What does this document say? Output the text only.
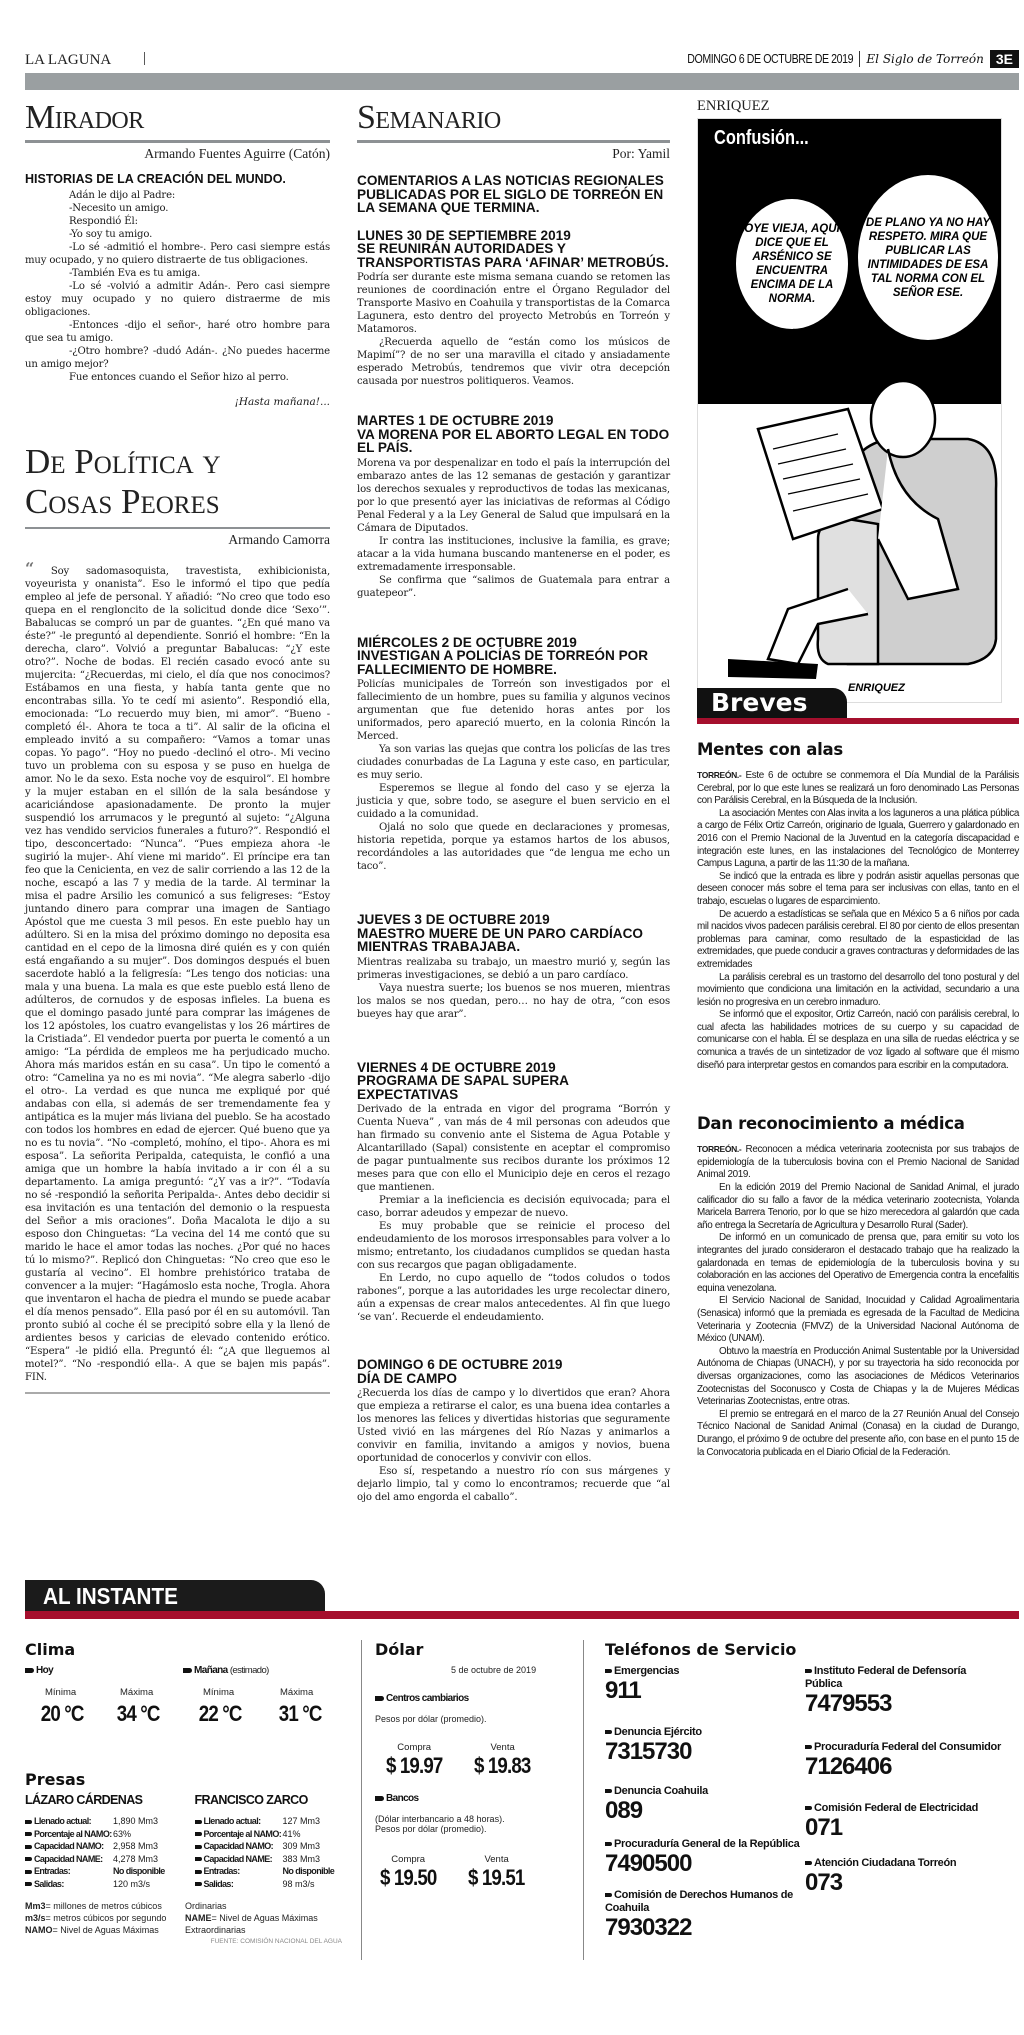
LA LAGUNA |	DOMINGO 6 DE OCTUBRE DE 2019 El Siglo de Torreón 3E
Mirador
Armando Fuentes Aguirre (Catón)
HISTORIAS DE LA CREACIÓN DEL MUNDO.

Adán le dijo al Padre:

-Necesito un amigo.

Respondió Él:

-Yo soy tu amigo.

-Lo sé -admitió el hombre-. Pero casi siempre estás muy ocupado, y no quiero distraerte de tus obligaciones.

-También Eva es tu amiga.

-Lo sé -volvió a admitir Adán-. Pero casi siempre estoy muy ocupado y no quiero distraerme de mis obligaciones.

-Entonces -dijo el señor-, haré otro hombre para que sea tu amigo.

-¿Otro hombre? -dudó Adán-. ¿No puedes hacerme un amigo mejor?

Fue entonces cuando el Señor hizo al perro.

¡Hasta mañana!...
De Política y
Cosas Peores
Armando Camorra

“ Soy sadomasoquista, travestista, exhibicionista, voyeurista y onanista”. Eso le informó el tipo que pedía empleo al jefe de personal. Y añadió: “No creo que todo eso quepa en el rengloncito de la solicitud donde dice ‘Sexo’”. Babalucas se compró un par de guantes. “¿En qué mano va éste?” -le preguntó al dependiente. Sonrió el hombre: “En la derecha, claro”. Volvió a preguntar Babalucas: “¿Y este otro?”. Noche de bodas. El recién casado evocó ante su mujercita: “¿Recuerdas, mi cielo, el día que nos conocimos? Estábamos en una fiesta, y había tanta gente que no encontrabas silla. Yo te cedí mi asiento”. Respondió ella, emocionada: “Lo recuerdo muy bien, mi amor”. “Bueno -completó él-. Ahora te toca a ti”. Al salir de la oficina el empleado invitó a su compañero: “Vamos a tomar unas copas. Yo pago”. “Hoy no puedo -declinó el otro-. Mi vecino tuvo un problema con su esposa y se puso en huelga de amor. No le da sexo. Esta noche voy de esquirol”. El hombre y la mujer estaban en el sillón de la sala besándose y acariciándose apasionadamente. De pronto la mujer suspendió los arrumacos y le preguntó al sujeto: “¿Alguna vez has vendido servicios funerales a futuro?”. Respondió el tipo, desconcertado: “Nunca”. “Pues empieza ahora -le sugirió la mujer-. Ahí viene mi marido”. El príncipe era tan feo que la Cenicienta, en vez de salir corriendo a las 12 de la noche, escapó a las 7 y media de la tarde. Al terminar la misa el padre Arsilio les comunicó a sus feligreses: “Estoy juntando dinero para comprar una imagen de Santiago Apóstol que me cuesta 3 mil pesos. En este pueblo hay un adúltero. Si en la misa del próximo domingo no deposita esa cantidad en el cepo de la limosna diré quién es y con quién está engañando a su mujer”. Dos domingos después el buen sacerdote habló a la feligresía: “Les tengo dos noticias: una mala y una buena. La mala es que este pueblo está lleno de adúlteros, de cornudos y de esposas infieles. La buena es que el domingo pasado junté para comprar las imágenes de los 12 apóstoles, los cuatro evangelistas y los 26 mártires de la Cristiada”. El vendedor puerta por puerta le comentó a un amigo: “La pérdida de empleos me ha perjudicado mucho. Ahora más maridos están en su casa”. Un tipo le comentó a otro: “Camelina ya no es mi novia”. “Me alegra saberlo -dijo el otro-. La verdad es que nunca me expliqué por qué andabas con ella, si además de ser tremendamente fea y antipática es la mujer más liviana del pueblo. Se ha acostado con todos los hombres en edad de ejercer. Qué bueno que ya no es tu novia”. “No -completó, mohíno, el tipo-. Ahora es mi esposa”. La señorita Peripalda, catequista, le confió a una amiga que un hombre la había invitado a ir con él a su departamento. La amiga preguntó: “¿Y vas a ir?”. “Todavía no sé -respondió la señorita Peripalda-. Antes debo decidir si esa invitación es una tentación del demonio o la respuesta del Señor a mis oraciones”. Doña Macalota le dijo a su esposo don Chinguetas: “La vecina del 14 me contó que su marido le hace el amor todas las noches. ¿Por qué no haces tú lo mismo?”. Replicó don Chinguetas: “No creo que eso le gustaría al vecino”. El hombre prehistórico trataba de convencer a la mujer: “Hagámoslo esta noche, Trogla. Ahora que inventaron el hacha de piedra el mundo se puede acabar el día menos pensado”. Ella pasó por él en su automóvil. Tan pronto subió al coche él se precipitó sobre ella y la llenó de ardientes besos y caricias de elevado contenido erótico. “Espera” -le pidió ella. Preguntó él: “¿A que lleguemos al motel?”. “No -respondió ella-. A que se bajen mis papás”. FIN.

Semanario
Por: Yamil
COMENTARIOS A LAS NOTICIAS REGIONALES PUBLICADAS POR EL SIGLO DE TORREÓN EN LA SEMANA QUE TERMINA.
LUNES 30 DE SEPTIEMBRE 2019
SE REUNIRÁN AUTORIDADES Y TRANSPORTISTAS PARA ‘AFINAR’ METROBÚS.

Podría ser durante este misma semana cuando se retomen las reuniones de coordinación entre el Órgano Regulador del Transporte Masivo en Coahuila y transportistas de la Comarca Lagunera, esto dentro del proyecto Metrobús en Torreón y Matamoros.

¿Recuerda aquello de “están como los músicos de Mapimí”? de no ser una maravilla el citado y ansiadamente esperado Metrobús, tendremos que vivir otra decepción causada por nuestros politiqueros. Veamos.

MARTES 1 DE OCTUBRE 2019
VA MORENA POR EL ABORTO LEGAL EN TODO EL PAÍS.

Morena va por despenalizar en todo el país la interrupción del embarazo antes de las 12 semanas de gestación y garantizar los derechos sexuales y reproductivos de todas las mexicanas, por lo que presentó ayer las iniciativas de reformas al Código Penal Federal y a la Ley General de Salud que impulsará en la Cámara de Diputados.

Ir contra las instituciones, inclusive la familia, es grave; atacar a la vida humana buscando mantenerse en el poder, es extremadamente irresponsable.

Se confirma que “salimos de Guatemala para entrar a guatepeor”.

MIÉRCOLES 2 DE OCTUBRE 2019
INVESTIGAN A POLICÍAS DE TORREÓN POR FALLECIMIENTO DE HOMBRE.

Policías municipales de Torreón son investigados por el fallecimiento de un hombre, pues su familia y algunos vecinos argumentan que fue detenido horas antes por los uniformados, pero apareció muerto, en la colonia Rincón la Merced.

Ya son varias las quejas que contra los policías de las tres ciudades conurbadas de La Laguna y este caso, en particular, es muy serio.

Esperemos se llegue al fondo del caso y se ejerza la justicia y que, sobre todo, se asegure el buen servicio en el cuidado a la comunidad.

Ojalá no solo que quede en declaraciones y promesas, historia repetida, porque ya estamos hartos de los abusos, recordándoles a las autoridades que “de lengua me echo un taco”.

JUEVES 3 DE OCTUBRE 2019
MAESTRO MUERE DE UN PARO CARDÍACO MIENTRAS TRABAJABA.

Mientras realizaba su trabajo, un maestro murió y, según las primeras investigaciones, se debió a un paro cardíaco.

Vaya nuestra suerte; los buenos se nos mueren, mientras los malos se nos quedan, pero… no hay de otra, “con esos bueyes hay que arar”.

VIERNES 4 DE OCTUBRE 2019
PROGRAMA DE SAPAL SUPERA EXPECTATIVAS

Derivado de la entrada en vigor del programa “Borrón y Cuenta Nueva” , van más de 4 mil personas con adeudos que han firmado su convenio ante el Sistema de Agua Potable y Alcantarillado (Sapal) consistente en aceptar el compromiso de pagar puntualmente sus recibos durante los próximos 12 meses para que con ello el Municipio deje en ceros el rezago que mantienen.

Premiar a la ineficiencia es decisión equivocada; para el caso, borrar adeudos y empezar de nuevo.

Es muy probable que se reinicie el proceso del endeudamiento de los morosos irresponsables para volver a lo mismo; entretanto, los ciudadanos cumplidos se quedan hasta con sus recargos que pagan obligadamente.

En Lerdo, no cupo aquello de “todos coludos o todos rabones”, porque a las autoridades les urge recolectar dinero, aún a expensas de crear malos antecedentes. Al fin que luego ‘se van’. Recuerde el endeudamiento.

DOMINGO 6 DE OCTUBRE 2019
DÍA DE CAMPO

¿Recuerda los días de campo y lo divertidos que eran? Ahora que empieza a retirarse el calor, es una buena idea contarles a los menores las felices y divertidas historias que seguramente Usted vivió en las márgenes del Río Nazas y animarlos a convivir en familia, invitando a amigos y novios, buena oportunidad de conocerlos y convivir con ellos.

Eso sí, respetando a nuestro río con sus márgenes y dejarlo limpio, tal y como lo encontramos; recuerde que “al ojo del amo engorda el caballo”.

ENRIQUEZ
Confusión...
OYE VIEJA, AQUÍ DICE QUE EL ARSÉNICO SE ENCUENTRA ENCIMA DE LA NORMA.
DE PLANO YA NO HAY RESPETO. MIRA QUE PUBLICAR LAS INTIMIDADES DE ESA TAL NORMA CON EL SEÑOR ESE.
ENRIQUEZ
Breves
Mentes con alas

TORREÓN.- Este 6 de octubre se conmemora el Día Mundial de la Parálisis Cerebral, por lo que este lunes se realizará un foro denominado Las Personas con Parálisis Cerebral, en la Búsqueda de la Inclusión.

La asociación Mentes con Alas invita a los laguneros a una plática pública a cargo de Félix Ortiz Carreón, originario de Iguala, Guerrero y galardonado en 2016 con el Premio Nacional de la Juventud en la categoría discapacidad e integración este lunes, en las instalaciones del Tecnológico de Monterrey Campus Laguna, a partir de las 11:30 de la mañana.

Se indicó que la entrada es libre y podrán asistir aquellas personas que deseen conocer más sobre el tema para ser inclusivas con ellas, tanto en el trabajo, escuelas o lugares de esparcimiento.

De acuerdo a estadísticas se señala que en México 5 a 6 niños por cada mil nacidos vivos padecen parálisis cerebral. El 80 por ciento de ellos presentan problemas para caminar, como resultado de la espasticidad de las extremidades, que puede conducir a graves contracturas y deformidades de las extremidades

La parálisis cerebral es un trastorno del desarrollo del tono postural y del movimiento que condiciona una limitación en la actividad, secundario a una lesión no progresiva en un cerebro inmaduro.

Se informó que el expositor, Ortiz Carreón, nació con parálisis cerebral, lo cual afecta las habilidades motrices de su cuerpo y su capacidad de comunicarse con el habla. Él se desplaza en una silla de ruedas eléctrica y se comunica a través de un sintetizador de voz ligado al software que él mismo diseñó para interpretar gestos en comandos para escribir en la computadora.

Dan reconocimiento a médica

TORREÓN.- Reconocen a médica veterinaria zootecnista por sus trabajos de epidemiología de la tuberculosis bovina con el Premio Nacional de Sanidad Animal 2019.

En la edición 2019 del Premio Nacional de Sanidad Animal, el jurado calificador dio su fallo a favor de la médica veterinario zootecnista, Yolanda Maricela Barrera Tenorio, por lo que se hizo merecedora al galardón que cada año entrega la Secretaría de Agricultura y Desarrollo Rural (Sader).

De informó en un comunicado de prensa que, para emitir su voto los integrantes del jurado consideraron el destacado trabajo que ha realizado la galardonada en temas de epidemiología de la tuberculosis bovina y su colaboración en las acciones del Operativo de Emergencia contra la encefalitis equina venezolana.

El Servicio Nacional de Sanidad, Inocuidad y Calidad Agroalimentaria (Senasica) informó que la premiada es egresada de la Facultad de Medicina Veterinaria y Zootecnia (FMVZ) de la Universidad Nacional Autónoma de México (UNAM).

Obtuvo la maestría en Producción Animal Sustentable por la Universidad Autónoma de Chiapas (UNACH), y por su trayectoria ha sido reconocida por diversas organizaciones, como las asociaciones de Médicos Veterinarios Zootecnistas del Soconusco y Costa de Chiapas y la de Mujeres Médicas Veterinarias Zootecnistas, entre otras.

El premio se entregará en el marco de la 27 Reunión Anual del Consejo Técnico Nacional de Sanidad Animal (Conasa) en la ciudad de Durango, Durango, el próximo 9 de octubre del presente año, con base en el punto 15 de la Convocatoria publicada en el Diario Oficial de la Federación.

AL INSTANTE
Clima
Hoy	Mañana (estimado)
Mínima	Máxima	Mínima	Máxima
20 °C 34 °C 22 °C 31 °C
Presas
LÁZARO CÁRDENAS
Llenado actual:	1,890 Mm3
Porcentaje al NAMO:	63%
Capacidad NAMO:	2,958 Mm3
Capacidad NAME:	4,278 Mm3
Entradas:	No disponible
Salidas:	120 m3/s
FRANCISCO ZARCO
Llenado actual:	127 Mm3
Porcentaje al NAMO:	41%
Capacidad NAMO:	309 Mm3
Capacidad NAME:	383 Mm3
Entradas:	No disponible
Salidas:	98 m3/s
Mm3= millones de metros cúbicos
m3/s= metros cúbicos por segundo
NAMO= Nivel de Aguas Máximas
Ordinarias
NAME= Nivel de Aguas Máximas
Extraordinarias
FUENTE: COMISIÓN NACIONAL DEL AGUA
Dólar
5 de octubre de 2019
Centros cambiarios
Pesos por dólar (promedio).
Compra
$ 19.97
Venta
$ 19.83
Bancos
(Dólar interbancario a 48 horas).
Pesos por dólar (promedio).
Compra
$ 19.50
Venta
$ 19.51
Teléfonos de Servicio
Emergencias
911
Denuncia Ejército
7315730
Denuncia Coahuila
089
Procuraduría General de la República
7490500
Comisión de Derechos Humanos de Coahuila
7930322
Instituto Federal de Defensoría Pública
7479553
Procuraduría Federal del Consumidor
7126406
Comisión Federal de Electricidad
071
Atención Ciudadana Torreón
073
